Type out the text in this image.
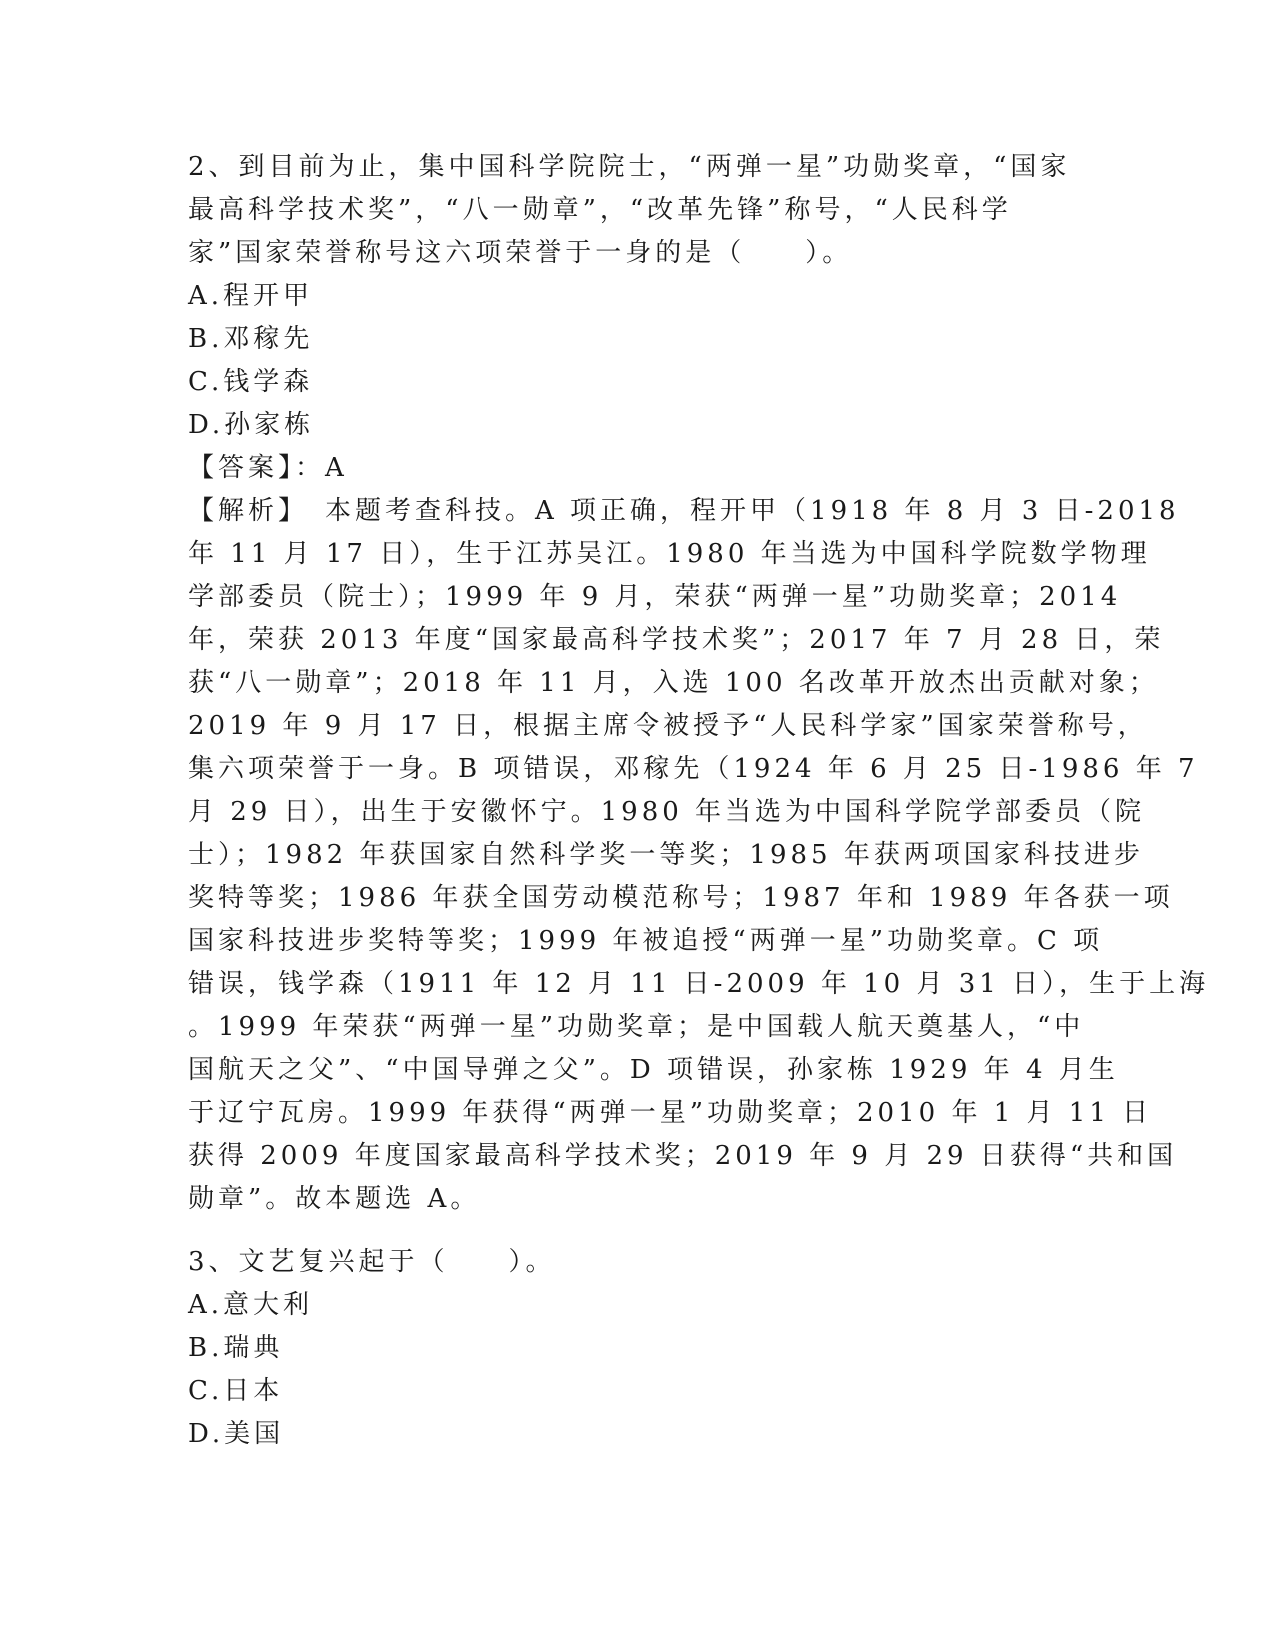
2、到目前为止，集中国科学院院士，“两弹一星”功勋奖章，“国家
最高科学技术奖”，“八一勋章”，“改革先锋”称号，“人民科学
家”国家荣誉称号这六项荣誉于一身的是（　　）。
A.程开甲
B.邓稼先
C.钱学森
D.孙家栋
【答案】：A
【解析】　本题考查科技。A 项正确，程开甲（1918 年 8 月 3 日-2018
年 11 月 17 日），生于江苏吴江。1980 年当选为中国科学院数学物理
学部委员（院士）；1999 年 9 月，荣获“两弹一星”功勋奖章；2014
年，荣获 2013 年度“国家最高科学技术奖”；2017 年 7 月 28 日，荣
获“八一勋章”；2018 年 11 月，入选 100 名改革开放杰出贡献对象；
2019 年 9 月 17 日，根据主席令被授予“人民科学家”国家荣誉称号，
集六项荣誉于一身。B 项错误，邓稼先（1924 年 6 月 25 日-1986 年 7
月 29 日），出生于安徽怀宁。1980 年当选为中国科学院学部委员（院
士）；1982 年获国家自然科学奖一等奖；1985 年获两项国家科技进步
奖特等奖；1986 年获全国劳动模范称号；1987 年和 1989 年各获一项
国家科技进步奖特等奖；1999 年被追授“两弹一星”功勋奖章。C 项
错误，钱学森（1911 年 12 月 11 日-2009 年 10 月 31 日），生于上海
。1999 年荣获“两弹一星”功勋奖章；是中国载人航天奠基人，“中
国航天之父”、“中国导弹之父”。D 项错误，孙家栋 1929 年 4 月生
于辽宁瓦房。1999 年获得“两弹一星”功勋奖章；2010 年 1 月 11 日
获得 2009 年度国家最高科学技术奖；2019 年 9 月 29 日获得“共和国
勋章”。故本题选 A。
3、文艺复兴起于（　　）。
A.意大利
B.瑞典
C.日本
D.美国
